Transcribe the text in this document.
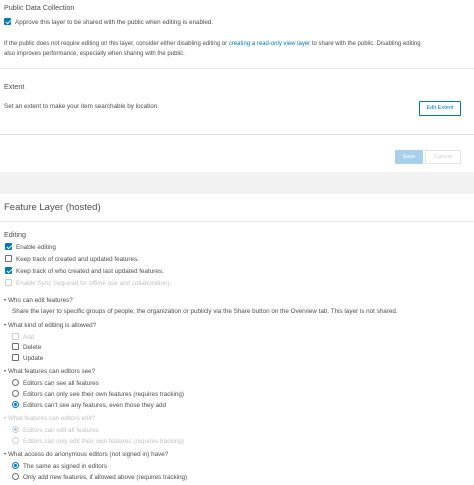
Public Data Collection
Approve this layer to be shared with the public when editing is enabled.
If the public does not require editing on this layer, consider either disabling editing or creating a read-only view layer to share with the public. Disabling editing
also improves performance, especially when sharing with the public.
Extent
Set an extent to make your item searchable by location.	Edit Extent
Save	Cancel
Feature Layer (hosted)
Editing
Enable editing
Keep track of created and updated features.
Keep track of who created and last updated features.
Enable Sync (required for offline use and collaboration).
• Who can edit features?
Share the layer to specific groups of people, the organization or publicly via the Share button on the Overview tab. This layer is not shared.
• What kind of editing is allowed?
Add
Delete
Update
• What features can editors see?
Editors can see all features
Editors can only see their own features (requires tracking)
Editors can't see any features, even those they add
• What features can editors edit?
Editors can edit all features
Editors can only edit their own features (requires tracking)
• What access do anonymous editors (not signed in) have?
The same as signed in editors
Only add new features, if allowed above (requires tracking)
